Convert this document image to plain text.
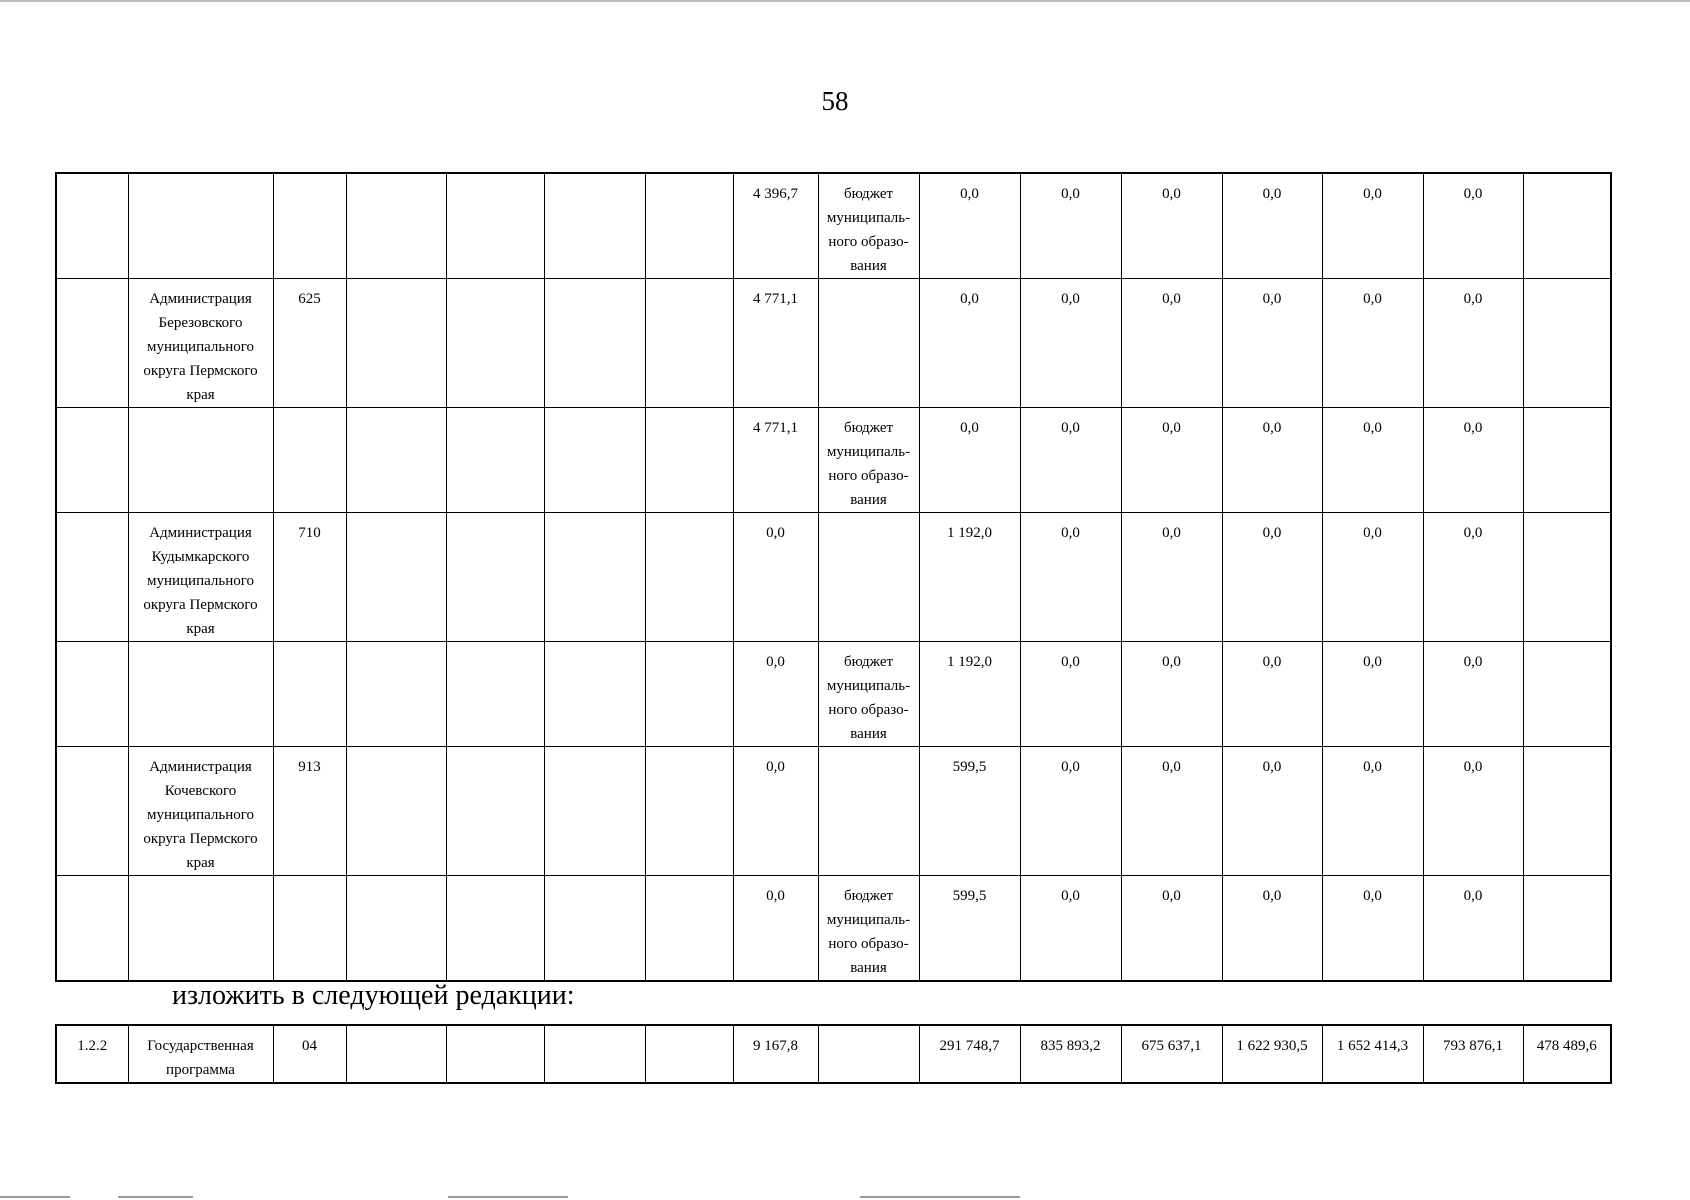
58
							4 396,7	бюджет муниципаль-ного образо-вания	0,0	0,0	0,0	0,0	0,0	0,0	
	Администрация Березовского муниципального округа Пермского края	625					4 771,1		0,0	0,0	0,0	0,0	0,0	0,0	
							4 771,1	бюджет муниципаль-ного образо-вания	0,0	0,0	0,0	0,0	0,0	0,0	
	Администрация Кудымкарского муниципального округа Пермского края	710					0,0		1 192,0	0,0	0,0	0,0	0,0	0,0	
							0,0	бюджет муниципаль-ного образо-вания	1 192,0	0,0	0,0	0,0	0,0	0,0	
	Администрация Кочевского муниципального округа Пермского края	913					0,0		599,5	0,0	0,0	0,0	0,0	0,0	
							0,0	бюджет муниципаль-ного образо-вания	599,5	0,0	0,0	0,0	0,0	0,0	
изложить в следующей редакции:
1.2.2	Государственная программа	04					9 167,8		291 748,7	835 893,2	675 637,1	1 622 930,5	1 652 414,3	793 876,1	478 489,6
